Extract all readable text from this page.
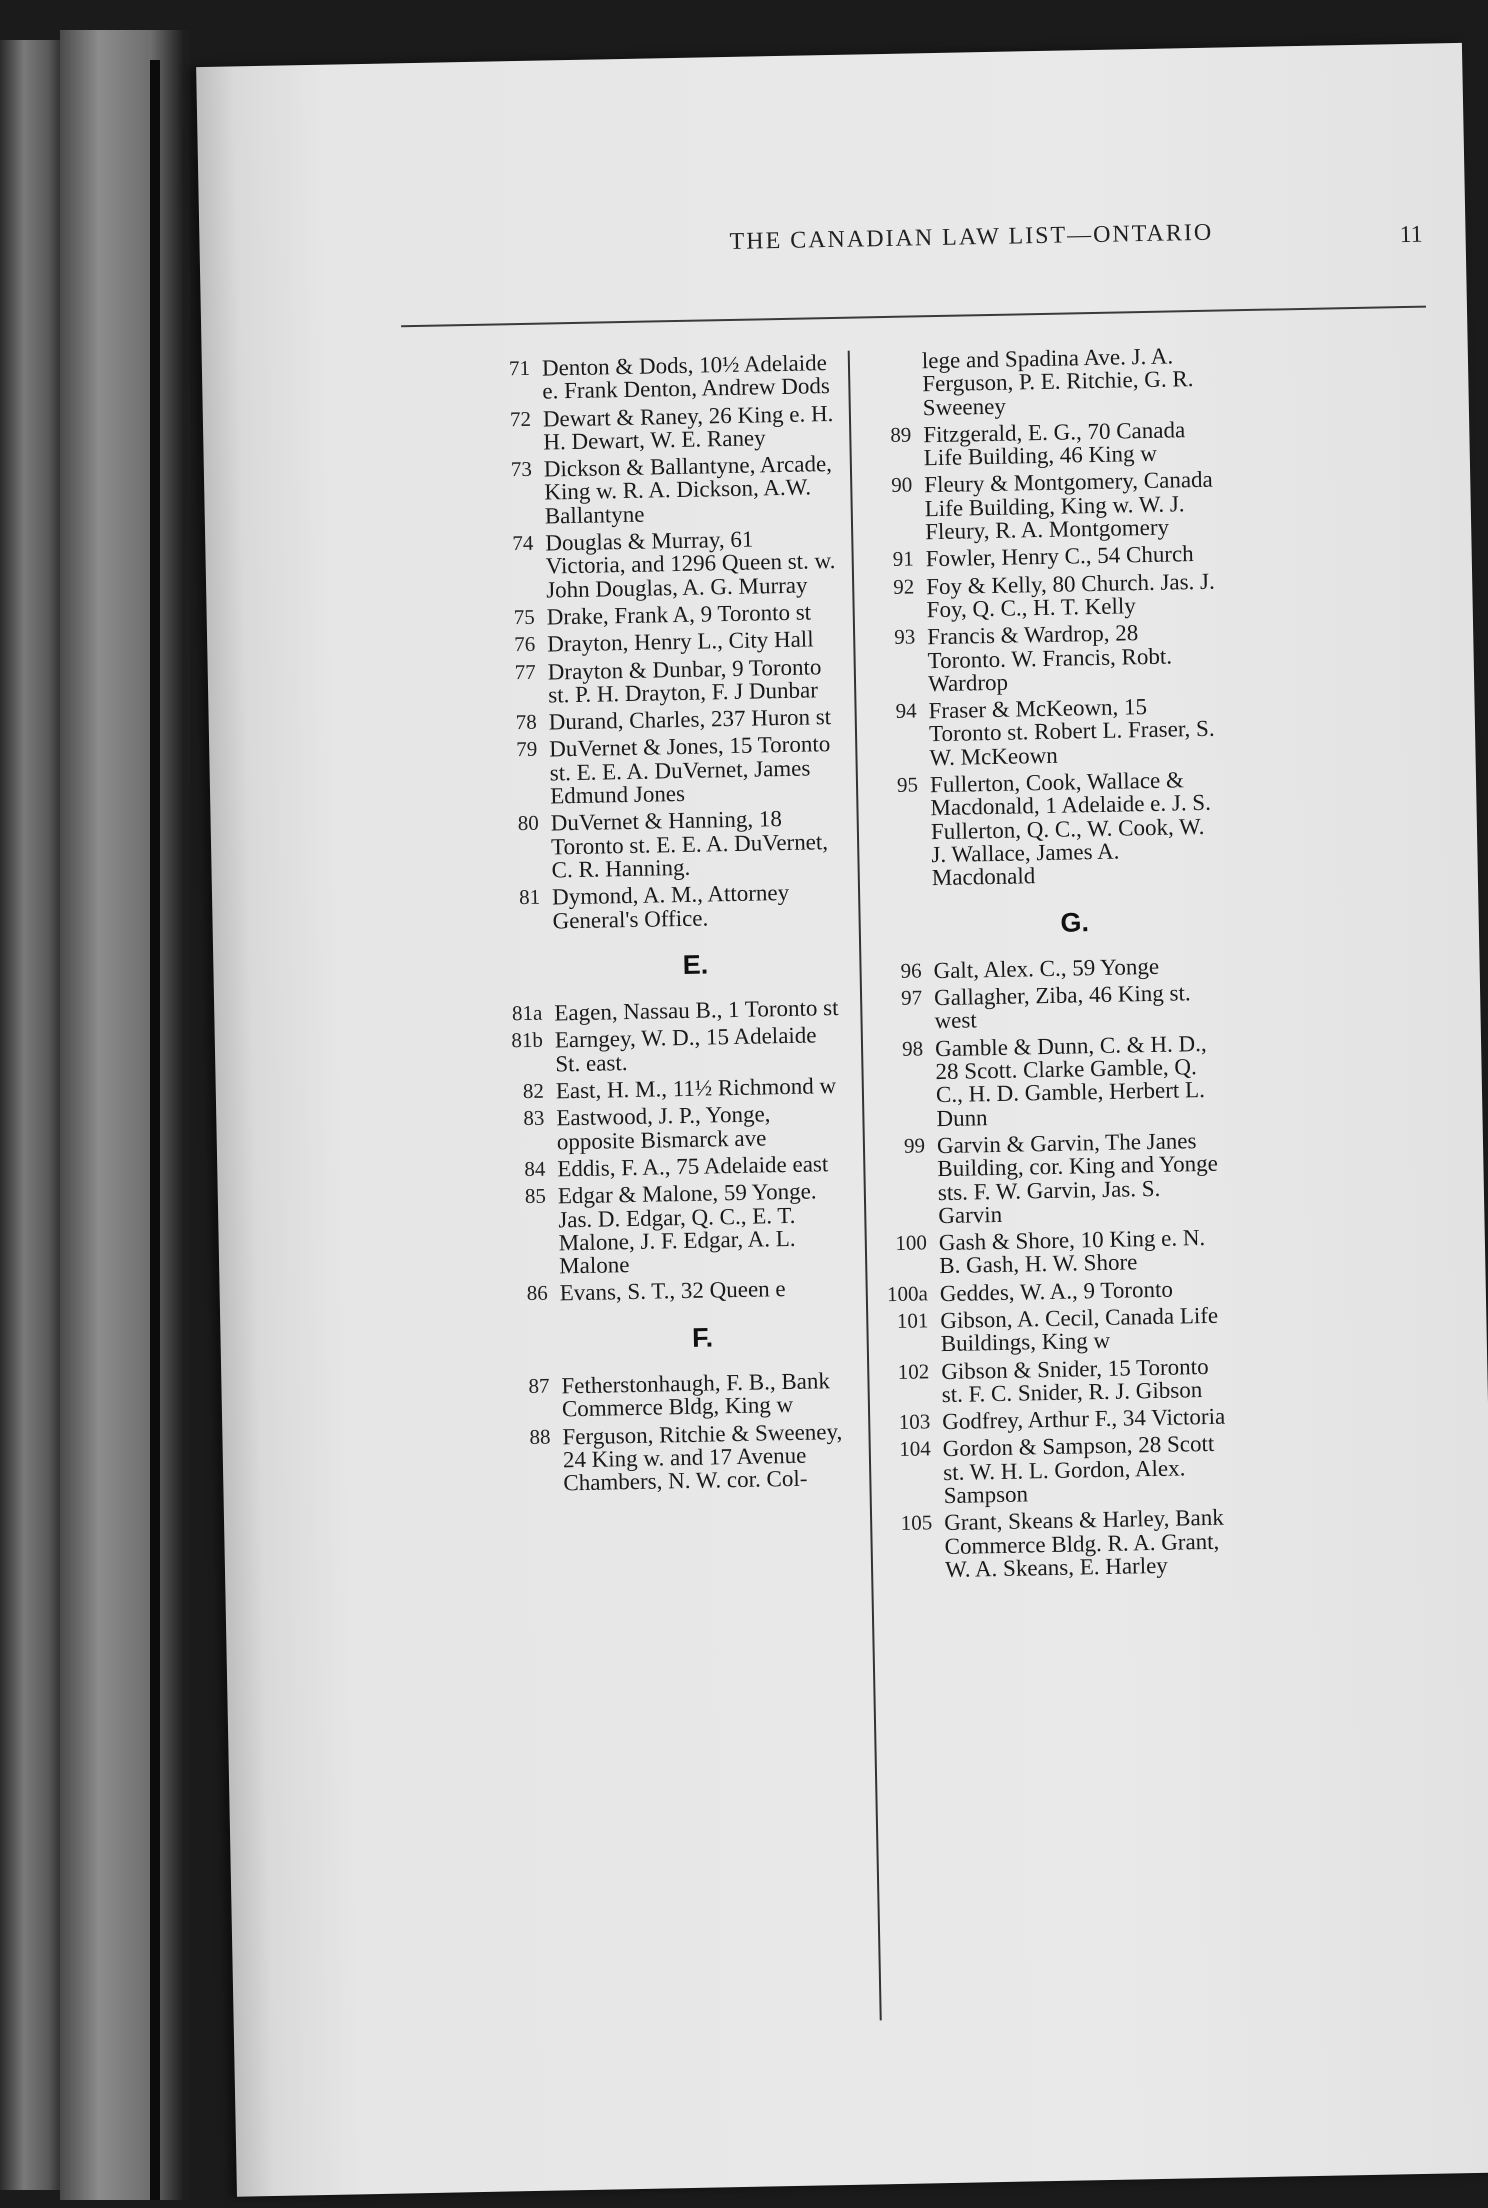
THE CANADIAN LAW LIST—ONTARIO	11
71 Denton & Dods, 10½ Adelaide e. Frank Denton, Andrew Dods
72 Dewart & Raney, 26 King e. H. H. Dewart, W. E. Raney
73 Dickson & Ballantyne, Arcade, King w. R. A. Dickson, A.W. Ballantyne
74 Douglas & Murray, 61 Victoria, and 1296 Queen st. w. John Douglas, A. G. Murray
75 Drake, Frank A, 9 Toronto st
76 Drayton, Henry L., City Hall
77 Drayton & Dunbar, 9 Toronto st. P. H. Drayton, F. J Dunbar
78 Durand, Charles, 237 Huron st
79 DuVernet & Jones, 15 Toronto st. E. E. A. DuVernet, James Edmund Jones
80 DuVernet & Hanning, 18 Toronto st. E. E. A. DuVernet, C. R. Hanning.
81 Dymond, A. M., Attorney General's Office.
E.
81a Eagen, Nassau B., 1 Toronto st
81b Earngey, W. D., 15 Adelaide St. east.
82 East, H. M., 11½ Richmond w
83 Eastwood, J. P., Yonge, opposite Bismarck ave
84 Eddis, F. A., 75 Adelaide east
85 Edgar & Malone, 59 Yonge. Jas. D. Edgar, Q. C., E. T. Malone, J. F. Edgar, A. L. Malone
86 Evans, S. T., 32 Queen e
F.
87 Fetherstonhaugh, F. B., Bank Commerce Bldg, King w
88 Ferguson, Ritchie & Sweeney, 24 King w. and 17 Avenue Chambers, N. W. cor. Col-
lege and Spadina Ave. J. A. Ferguson, P. E. Ritchie, G. R. Sweeney
89 Fitzgerald, E. G., 70 Canada Life Building, 46 King w
90 Fleury & Montgomery, Canada Life Building, King w. W. J. Fleury, R. A. Montgomery
91 Fowler, Henry C., 54 Church
92 Foy & Kelly, 80 Church. Jas. J. Foy, Q. C., H. T. Kelly
93 Francis & Wardrop, 28 Toronto. W. Francis, Robt. Wardrop
94 Fraser & McKeown, 15 Toronto st. Robert L. Fraser, S. W. McKeown
95 Fullerton, Cook, Wallace & Macdonald, 1 Adelaide e. J. S. Fullerton, Q. C., W. Cook, W. J. Wallace, James A. Macdonald
G.
96 Galt, Alex. C., 59 Yonge
97 Gallagher, Ziba, 46 King st. west
98 Gamble & Dunn, C. & H. D., 28 Scott. Clarke Gamble, Q. C., H. D. Gamble, Herbert L. Dunn
99 Garvin & Garvin, The Janes Building, cor. King and Yonge sts. F. W. Garvin, Jas. S. Garvin
100 Gash & Shore, 10 King e. N. B. Gash, H. W. Shore
100a Geddes, W. A., 9 Toronto
101 Gibson, A. Cecil, Canada Life Buildings, King w
102 Gibson & Snider, 15 Toronto st. F. C. Snider, R. J. Gibson
103 Godfrey, Arthur F., 34 Victoria
104 Gordon & Sampson, 28 Scott st. W. H. L. Gordon, Alex. Sampson
105 Grant, Skeans & Harley, Bank Commerce Bldg. R. A. Grant, W. A. Skeans, E. Harley
